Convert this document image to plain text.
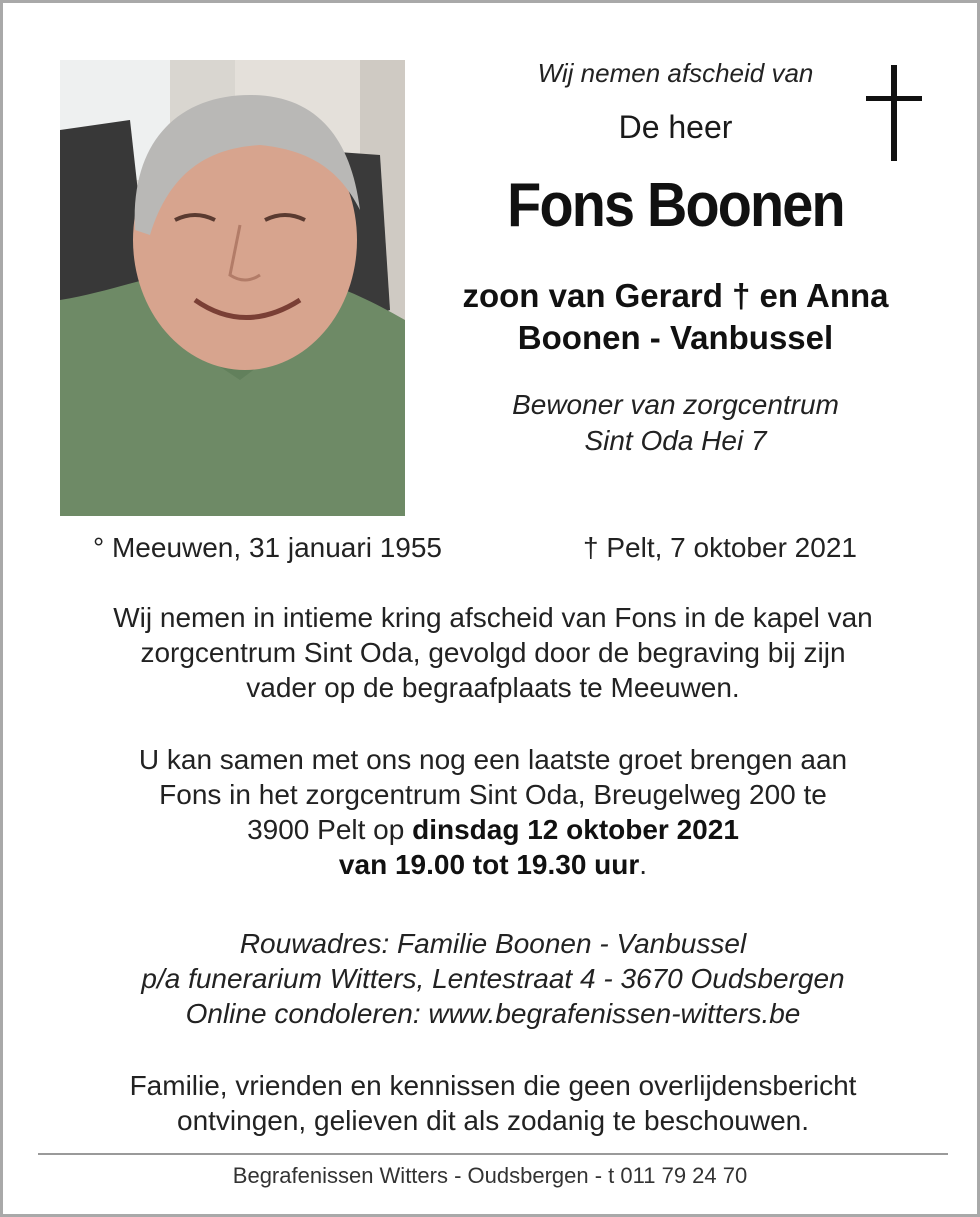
Wij nemen afscheid van

De heer

Fons Boonen

zoon van Gerard † en Anna
Boonen - Vanbussel

Bewoner van zorgcentrum
Sint Oda Hei 7

° Meeuwen, 31 januari 1955	† Pelt, 7 oktober 2021

Wij nemen in intieme kring afscheid van Fons in de kapel van
zorgcentrum Sint Oda, gevolgd door de begraving bij zijn
vader op de begraafplaats te Meeuwen.

U kan samen met ons nog een laatste groet brengen aan
Fons in het zorgcentrum Sint Oda, Breugelweg 200 te
3900 Pelt op dinsdag 12 oktober 2021
van 19.00 tot 19.30 uur.

Rouwadres: Familie Boonen - Vanbussel
p/a funerarium Witters, Lentestraat 4 - 3670 Oudsbergen
Online condoleren: www.begrafenissen-witters.be

Familie, vrienden en kennissen die geen overlijdensbericht
ontvingen, gelieven dit als zodanig te beschouwen.

Begrafenissen Witters - Oudsbergen - t 011 79 24 70
